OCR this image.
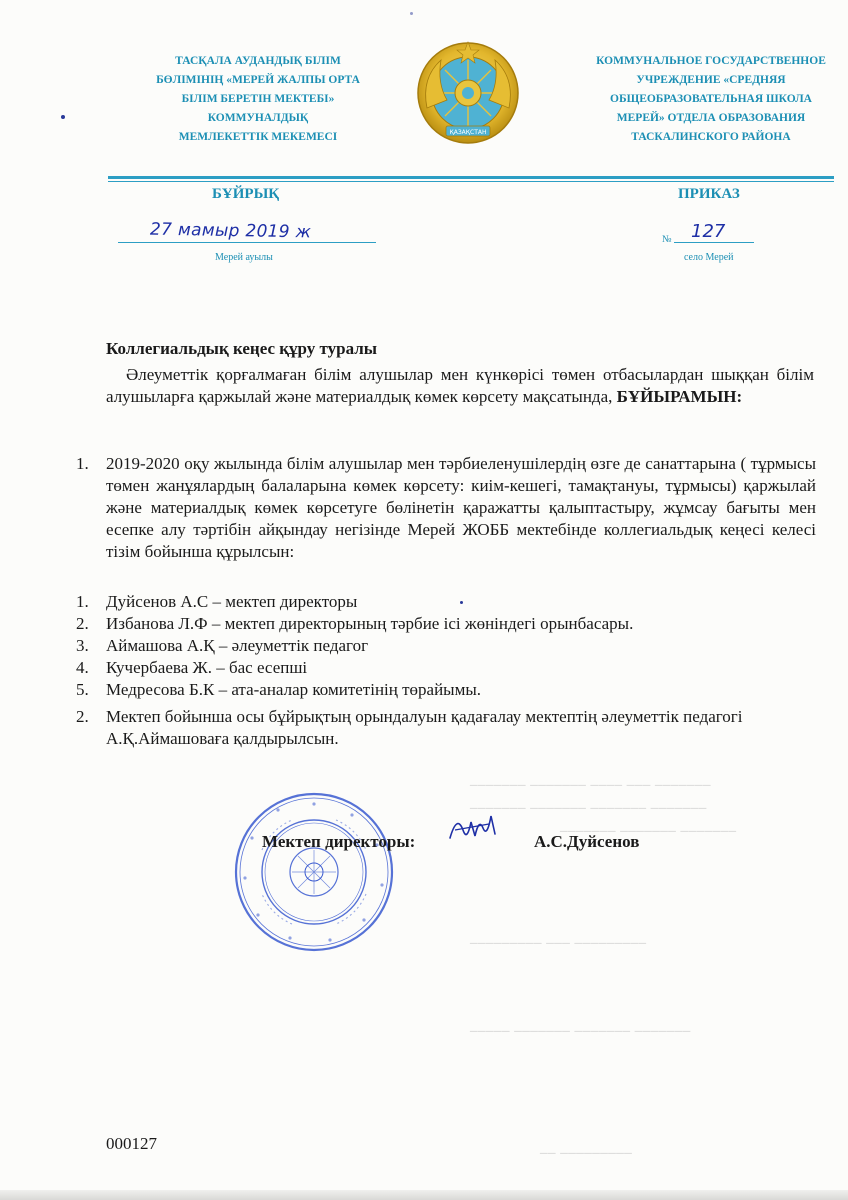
_______ _______ ____ ___ _______
_______ _______ _______ _______
_______ _______ _______
_________ ___ _________
_____ _______ _______ _______
__ _________
ТАСҚАЛА АУДАНДЫҚ БІЛІМ
БӨЛІМІНІҢ «МЕРЕЙ ЖАЛПЫ ОРТА
БІЛІМ БЕРЕТІН МЕКТЕБІ»
КОММУНАЛДЫҚ
МЕМЛЕКЕТТІК МЕКЕМЕСІ	ҚАЗАҚСТАН
КОММУНАЛЬНОЕ ГОСУДАРСТВЕННОЕ
УЧРЕЖДЕНИЕ «СРЕДНЯЯ
ОБЩЕОБРАЗОВАТЕЛЬНАЯ ШКОЛА
МЕРЕЙ» ОТДЕЛА ОБРАЗОВАНИЯ
ТАСКАЛИНСКОГО РАЙОНА
БҰЙРЫҚ	ПРИКАЗ
27 мамыр 2019 ж
Мерей ауылы
№ 127
село Мерей
Коллегиальдық кеңес құру туралы
Әлеуметтік қорғалмаған білім алушылар мен күнкөрісі төмен отбасылардан шыққан білім алушыларға қаржылай және материалдық көмек көрсету мақсатында, БҰЙЫРАМЫН:
1.	2019-2020 оқу жылында білім алушылар мен тәрбиеленушілердің өзге де санаттарына ( тұрмысы төмен жанұялардың балаларына көмек көрсету: киім-кешегі, тамақтануы, тұрмысы) қаржылай және материалдық көмек көрсетуге бөлінетін қаражатты қалыптастыру, жұмсау бағыты мен есепке алу тәртібін айқындау негізінде Мерей ЖОББ мектебінде коллегиальдық кеңесі келесі тізім бойынша құрылсын:
1.	Дуйсенов А.С – мектеп директоры
2.	Избанова Л.Ф – мектеп директорының тәрбие ісі жөніндегі орынбасары.
3.	Аймашова А.Қ – әлеуметтік педагог
4.	Кучербаева Ж. – бас есепші
5.	Медресова Б.К – ата-аналар комитетінің төрайымы.
2.	Мектеп бойынша осы бұйрықтың орындалуын қадағалау мектептің әлеуметтік педагогі А.Қ.Аймашоваға қалдырылсын.
Мектеп директоры:	А.С.Дуйсенов
000127
